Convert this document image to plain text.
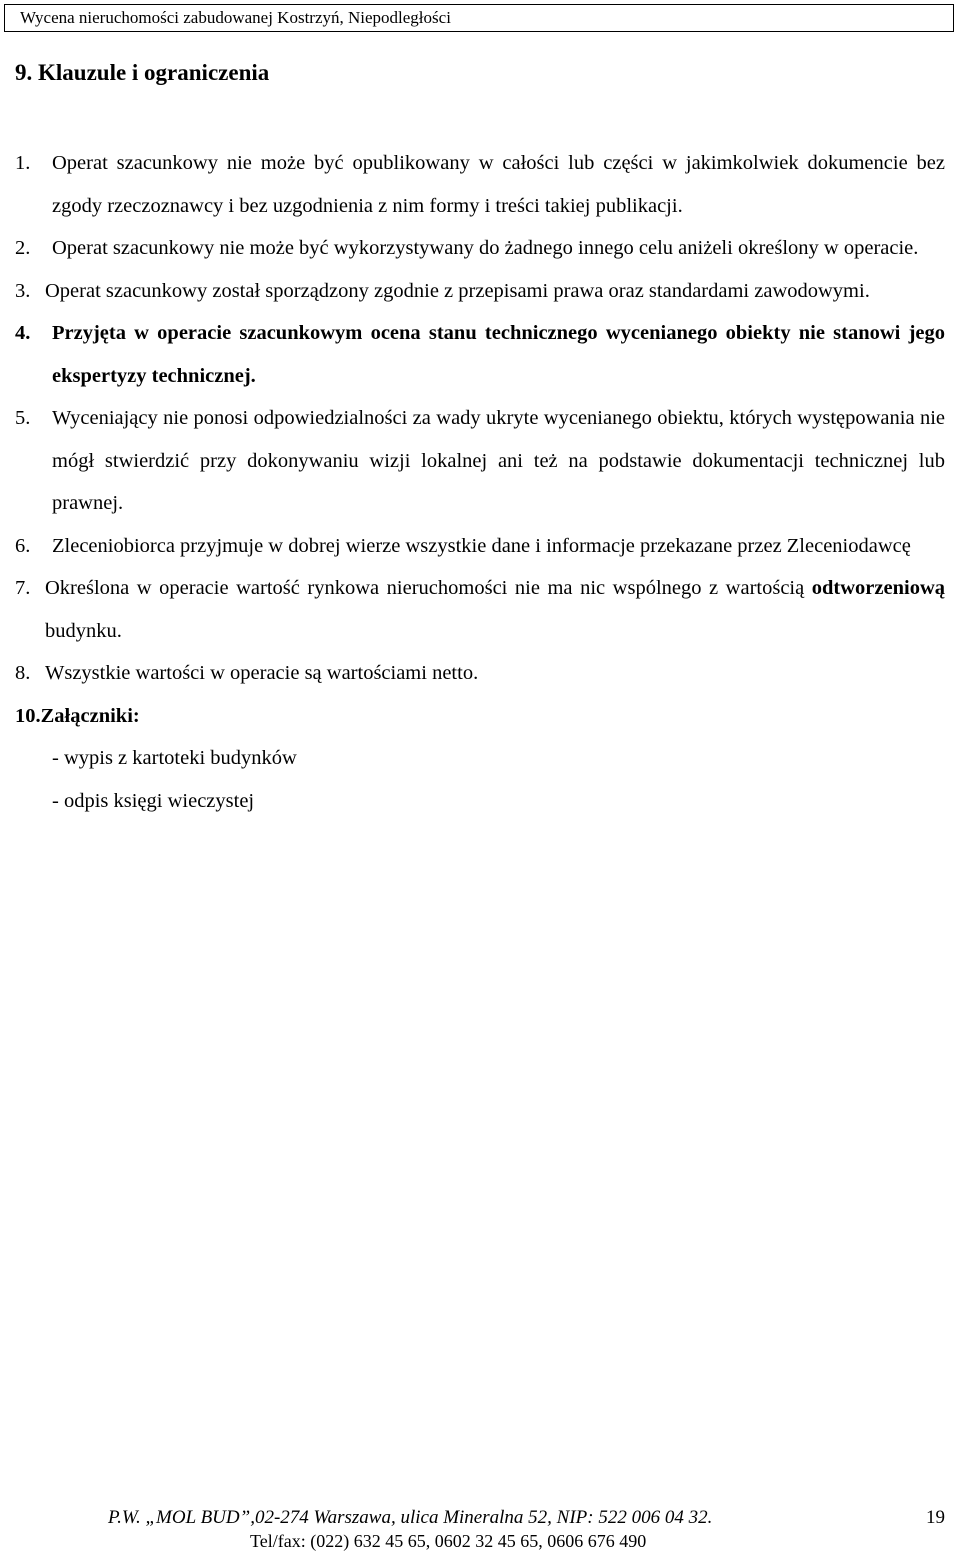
Wycena nieruchomości zabudowanej Kostrzyń, Niepodległości
9. Klauzule i ograniczenia
1. Operat szacunkowy nie może być opublikowany w całości lub części w jakimkolwiek dokumencie bez zgody rzeczoznawcy i bez uzgodnienia z nim formy i treści takiej publikacji.
2. Operat szacunkowy nie może być wykorzystywany do żadnego innego celu aniżeli określony w operacie.
3. Operat szacunkowy został sporządzony zgodnie z przepisami prawa oraz standardami zawodowymi.
4. Przyjęta w operacie szacunkowym ocena stanu technicznego wycenianego obiekty nie stanowi jego ekspertyzy technicznej.
5. Wyceniający nie ponosi odpowiedzialności za wady ukryte wycenianego obiektu, których występowania nie mógł stwierdzić przy dokonywaniu wizji lokalnej ani też na podstawie dokumentacji technicznej lub prawnej.
6. Zleceniobiorca przyjmuje w dobrej wierze wszystkie dane i informacje przekazane przez Zleceniodawcę
7. Określona w operacie wartość rynkowa nieruchomości nie ma nic wspólnego z wartością odtworzeniową budynku.
8. Wszystkie wartości w operacie są wartościami netto.
10.Załączniki:
- wypis z kartoteki budynków
- odpis księgi wieczystej
P.W. „MOL BUD”,02-274 Warszawa, ulica Mineralna 52, NIP: 522 006 04 32.	19
Tel/fax: (022) 632 45 65, 0602 32 45 65, 0606 676 490
